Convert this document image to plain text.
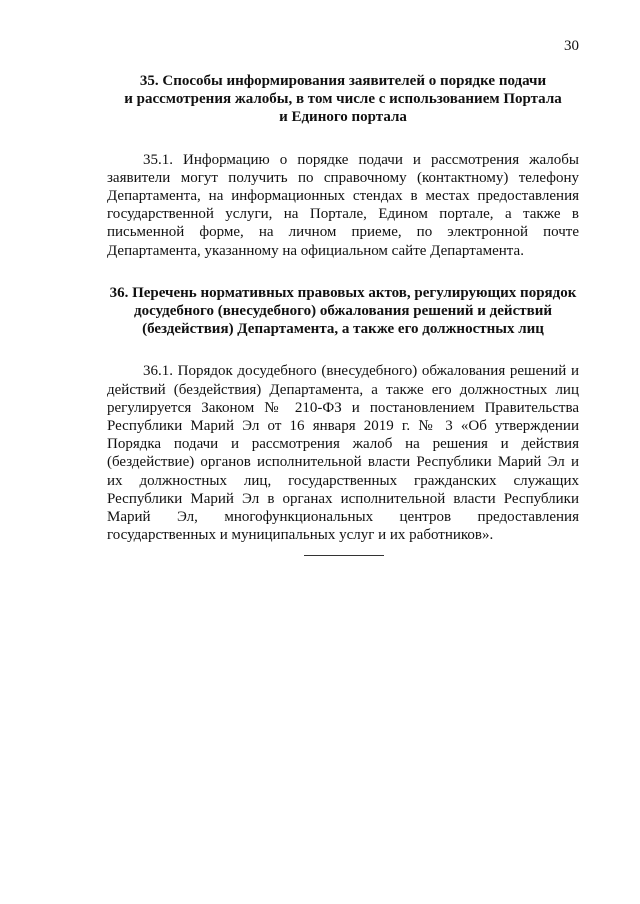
30
35. Способы информирования заявителей о порядке подачи
и рассмотрения жалобы, в том числе с использованием Портала
и Единого портала

35.1. Информацию о порядке подачи и рассмотрения жалобы заявители могут получить по справочному (контактному) телефону Департамента, на информационных стендах в местах предоставления государственной услуги, на Портале, Едином портале, а также в письменной форме, на личном приеме, по электронной почте Департамента, указанному на официальном сайте Департамента.

36. Перечень нормативных правовых актов, регулирующих порядок
досудебного (внесудебного) обжалования решений и действий
(бездействия) Департамента, а также его должностных лиц

36.1. Порядок досудебного (внесудебного) обжалования решений и действий (бездействия) Департамента, а также его должностных лиц регулируется Законом № 210-ФЗ и постановлением Правительства Республики Марий Эл от 16 января 2019 г. № 3 «Об утверждении Порядка подачи и рассмотрения жалоб на решения и действия (бездействие) органов исполнительной власти Республики Марий Эл и их должностных лиц, государственных гражданских служащих Республики Марий Эл в органах исполнительной власти Республики Марий Эл, многофункциональных центров предоставления государственных и муниципальных услуг и их работников».
